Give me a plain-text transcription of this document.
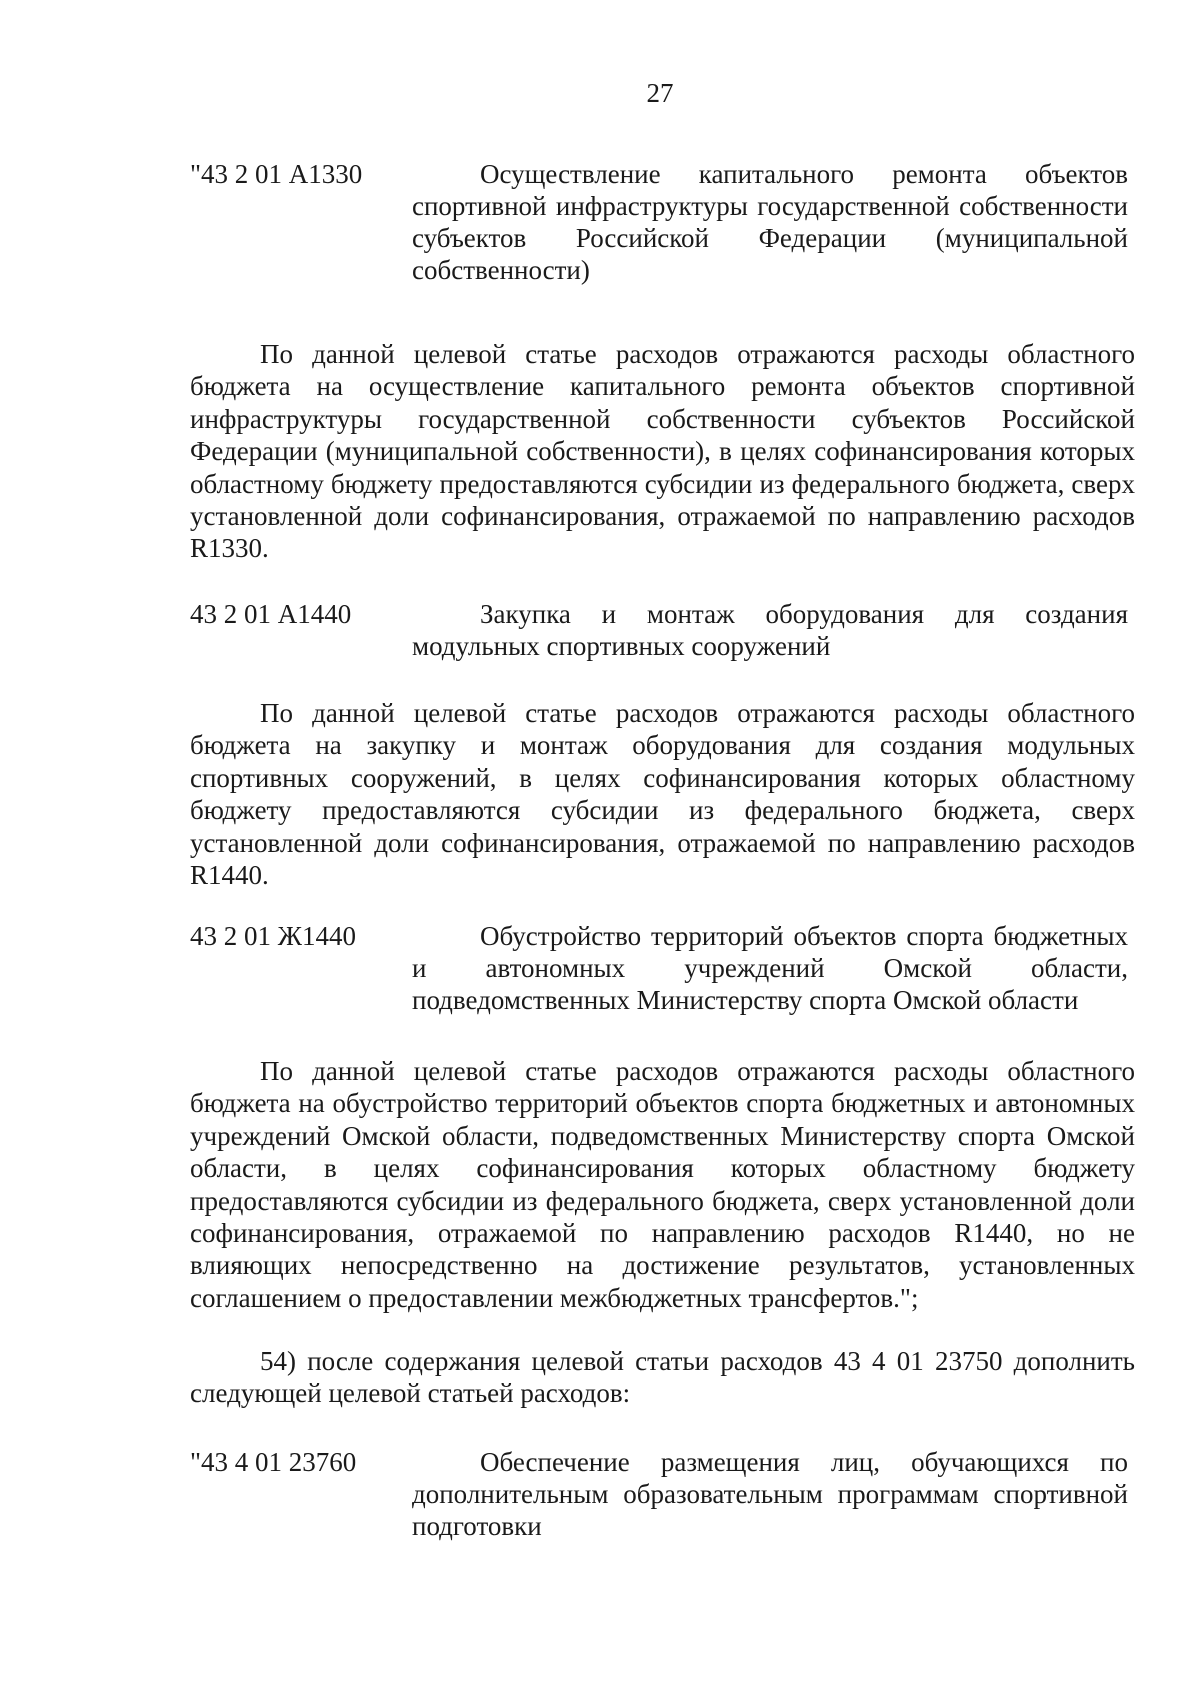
27
"43 2 01 А1330	Осуществление капитального ремонта объектов спортивной инфраструктуры государственной собственности субъектов Российской Федерации (муниципальной собственности)
По данной целевой статье расходов отражаются расходы областного бюджета на осуществление капитального ремонта объектов спортивной инфраструктуры государственной собственности субъектов Российской Федерации (муниципальной собственности), в целях софинансирования которых областному бюджету предоставляются субсидии из федерального бюджета, сверх установленной доли софинансирования, отражаемой по направлению расходов R1330.
43 2 01 А1440	Закупка и монтаж оборудования для создания модульных спортивных сооружений
По данной целевой статье расходов отражаются расходы областного бюджета на закупку и монтаж оборудования для создания модульных спортивных сооружений, в целях софинансирования которых областному бюджету предоставляются субсидии из федерального бюджета, сверх установленной доли софинансирования, отражаемой по направлению расходов R1440.
43 2 01 Ж1440	Обустройство территорий объектов спорта бюджетных и автономных учреждений Омской области, подведомственных Министерству спорта Омской области
По данной целевой статье расходов отражаются расходы областного бюджета на обустройство территорий объектов спорта бюджетных и автономных учреждений Омской области, подведомственных Министерству спорта Омской области, в целях софинансирования которых областному бюджету предоставляются субсидии из федерального бюджета, сверх установленной доли софинансирования, отражаемой по направлению расходов R1440, но не влияющих непосредственно на достижение результатов, установленных соглашением о предоставлении межбюджетных трансфертов.";
54) после содержания целевой статьи расходов 43 4 01 23750 дополнить следующей целевой статьей расходов:
"43 4 01 23760	Обеспечение размещения лиц, обучающихся по дополнительным образовательным программам спортивной подготовки
